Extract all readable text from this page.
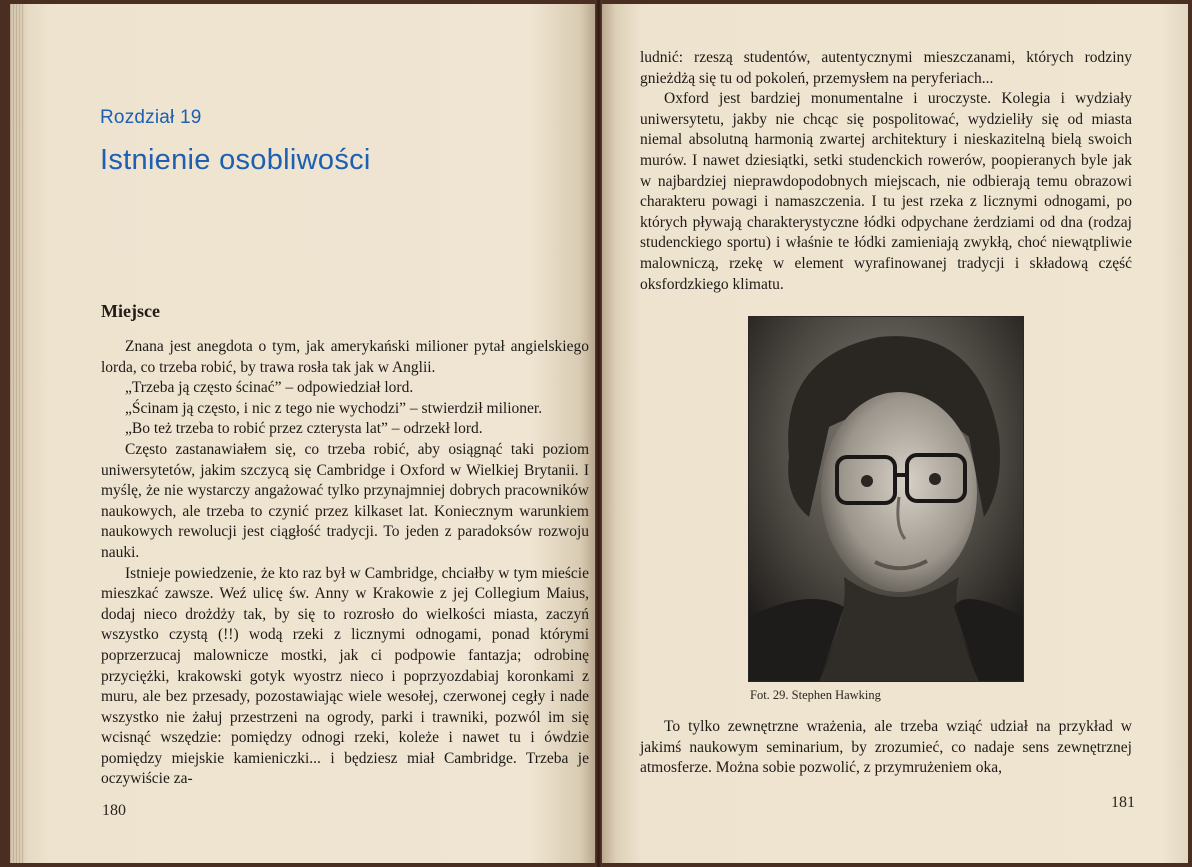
Rozdział 19
Istnienie osobliwości
Miejsce

Znana jest anegdota o tym, jak amerykański milioner pytał angielskiego lorda, co trzeba robić, by trawa rosła tak jak w Anglii.

„Trzeba ją często ścinać” – odpowiedział lord.

„Ścinam ją często, i nic z tego nie wychodzi” – stwierdził milioner.

„Bo też trzeba to robić przez czterysta lat” – odrzekł lord.

Często zastanawiałem się, co trzeba robić, aby osiągnąć taki poziom uniwersytetów, jakim szczycą się Cambridge i Oxford w Wielkiej Brytanii. I myślę, że nie wystarczy angażować tylko przynajmniej dobrych pracowników naukowych, ale trzeba to czynić przez kilkaset lat. Koniecznym warunkiem naukowych rewolucji jest ciągłość tradycji. To jeden z paradoksów rozwoju nauki.

Istnieje powiedzenie, że kto raz był w Cambridge, chciałby w tym mieście mieszkać zawsze. Weź ulicę św. Anny w Krakowie z jej Collegium Maius, dodaj nieco drożdży tak, by się to rozrosło do wielkości miasta, zaczyń wszystko czystą (!!) wodą rzeki z licznymi odnogami, ponad którymi poprzerzucaj malownicze mostki, jak ci podpowie fantazja; odrobinę przyciężki, krakowski gotyk wyostrz nieco i poprzyozdabiaj koronkami z muru, ale bez przesady, pozostawiając wiele wesołej, czerwonej cegły i nade wszystko nie żałuj przestrzeni na ogrody, parki i trawniki, pozwól im się wcisnąć wszędzie: pomiędzy odnogi rzeki, koleże i nawet tu i ówdzie pomiędzy miejskie kamieniczki... i będziesz miał Cambridge. Trzeba je oczywiście za-

180

ludnić: rzeszą studentów, autentycznymi mieszczanami, których rodziny gnieżdżą się tu od pokoleń, przemysłem na peryferiach...

Oxford jest bardziej monumentalne i uroczyste. Kolegia i wydziały uniwersytetu, jakby nie chcąc się pospolitować, wydzieliły się od miasta niemal absolutną harmonią zwartej architektury i nieskazitelną bielą swoich murów. I nawet dziesiątki, setki studenckich rowerów, poopieranych byle jak w najbardziej nieprawdopodobnych miejscach, nie odbierają temu obrazowi charakteru powagi i namaszczenia. I tu jest rzeka z licznymi odnogami, po których pływają charakterystyczne łódki odpychane żerdziami od dna (rodzaj studenckiego sportu) i właśnie te łódki zamieniają zwykłą, choć niewątpliwie malowniczą, rzekę w element wyrafinowanej tradycji i składową część oksfordzkiego klimatu.

Fot. 29. Stephen Hawking

To tylko zewnętrzne wrażenia, ale trzeba wziąć udział na przykład w jakimś naukowym seminarium, by zrozumieć, co nadaje sens zewnętrznej atmosferze. Można sobie pozwolić, z przymrużeniem oka,

181
